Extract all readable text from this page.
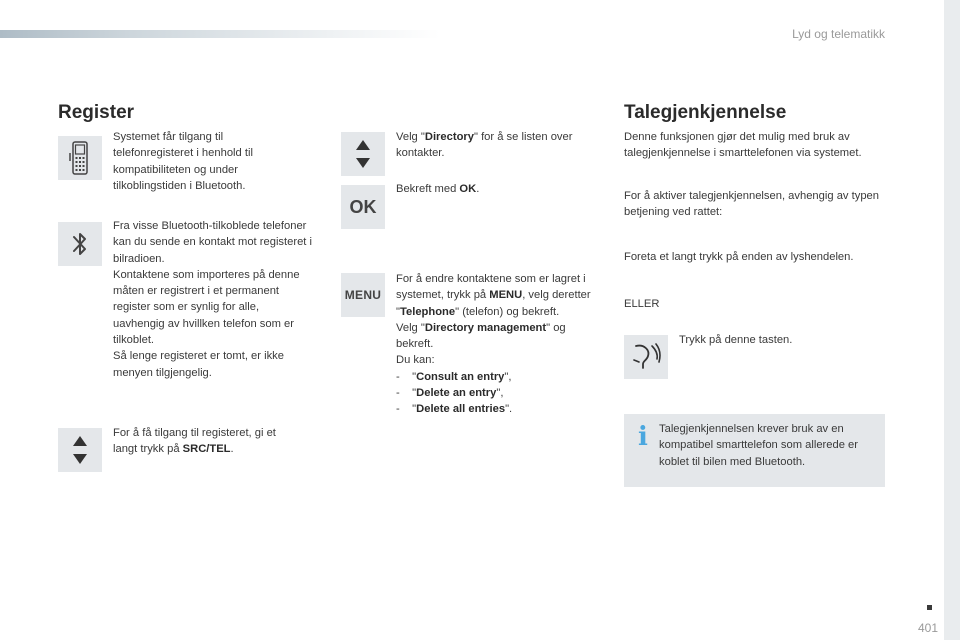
Lyd og telematikk
Register

Systemet får tilgang til telefonregisteret i henhold til kompatibiliteten og under tilkoblingstiden i Bluetooth.

Fra visse Bluetooth-tilkoblede telefoner kan du sende en kontakt mot registeret i bilradioen.

Kontaktene som importeres på denne måten er registrert i et permanent register som er synlig for alle, uavhengig av hvillken telefon som er tilkoblet.

Så lenge registeret er tomt, er ikke menyen tilgjengelig.

For å få tilgang til registeret, gi et langt trykk på SRC/TEL.

Velg "Directory" for å se listen over kontakter.

OK

Bekreft med OK.

MENU

For å endre kontaktene som er lagret i systemet, trykk på MENU, velg deretter "Telephone" (telefon) og bekreft.

Velg "Directory management" og bekreft.

Du kan:

-    "Consult an entry",

-    "Delete an entry",

-    "Delete all entries".

Talegjenkjennelse

Denne funksjonen gjør det mulig med bruk av talegjenkjennelse i smarttelefonen via systemet.

For å aktiver talegjenkjennelsen, avhengig av typen betjening ved rattet:

Foreta et langt trykk på enden av lyshendelen.

ELLER

Trykk på denne tasten.

i Talegjenkjennelsen krever bruk av en kompatibel smarttelefon som allerede er koblet til bilen med Bluetooth.
401
